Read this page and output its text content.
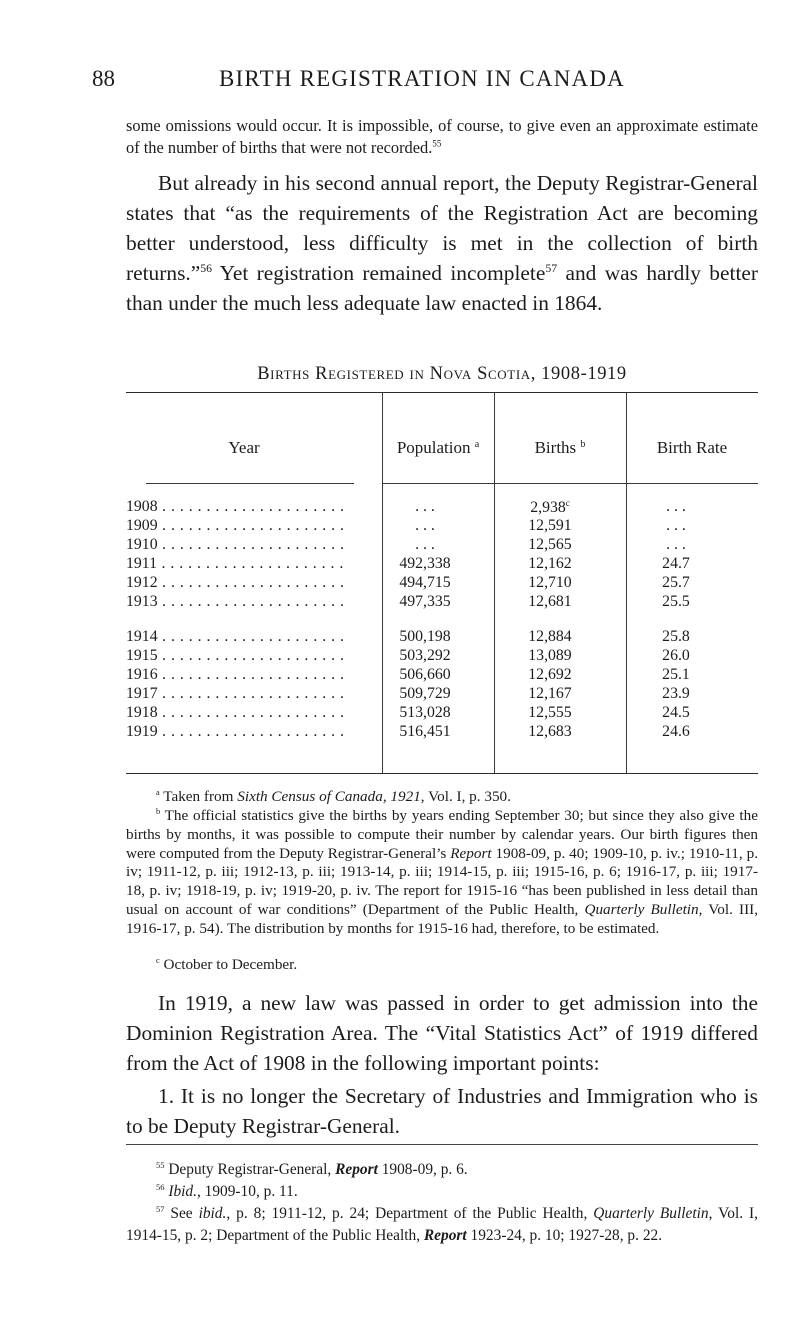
88	BIRTH REGISTRATION IN CANADA

some omissions would occur. It is impossible, of course, to give even an approximate estimate of the number of births that were not recorded.$^{55}$

But already in his second annual report, the Deputy Registrar-General states that “as the requirements of the Registration Act are becoming better understood, less difficulty is met in the collection of birth returns.”$^{56}$ Yet registration remained incomplete$^{57}$ and was hardly better than under the much less adequate law enacted in 1864.

Births Registered in Nova Scotia, 1908-1919
Year	Population $^a$	Births $^b$	Birth Rate
1908 . . .	. . .	2,938$^c$	. . .
1909 . . .	. . .	12,591	. . .
1910 . . .	. . .	12,565	. . .
1911 . . .	492,338	12,162	24.7
1912 . . .	494,715	12,710	25.7
1913 . . .	497,335	12,681	25.5
1914 . . .	500,198	12,884	25.8
1915 . . .	503,292	13,089	26.0
1916 . . .	506,660	12,692	25.1
1917 . . .	509,729	12,167	23.9
1918 . . .	513,028	12,555	24.5
1919 . . .	516,451	12,683	24.6
$^a$ Taken from Sixth Census of Canada, 1921, Vol. I, p. 350.
$^b$ The official statistics give the births by years ending September 30; but since they also give the births by months, it was possible to compute their number by calendar years. Our birth figures then were computed from the Deputy Registrar-General’s Report 1908-09, p. 40; 1909-10, p. iv.; 1910-11, p. iv; 1911-12, p. iii; 1912-13, p. iii; 1913-14, p. iii; 1914-15, p. iii; 1915-16, p. 6; 1916-17, p. iii; 1917-18, p. iv; 1918-19, p. iv; 1919-20, p. iv. The report for 1915-16 “has been published in less detail than usual on account of war conditions” (Department of the Public Health, Quarterly Bulletin, Vol. III, 1916-17, p. 54). The distribution by months for 1915-16 had, therefore, to be estimated.
$^c$ October to December.

In 1919, a new law was passed in order to get admission into the Dominion Registration Area. The “Vital Statistics Act” of 1919 differed from the Act of 1908 in the following important points:

1. It is no longer the Secretary of Industries and Immigration who is to be Deputy Registrar-General.

$^{55}$ Deputy Registrar-General, Report 1908-09, p. 6.
$^{56}$ Ibid., 1909-10, p. 11.
$^{57}$ See ibid., p. 8; 1911-12, p. 24; Department of the Public Health, Quarterly Bulletin, Vol. I, 1914-15, p. 2; Department of the Public Health, Report 1923-24, p. 10; 1927-28, p. 22.
